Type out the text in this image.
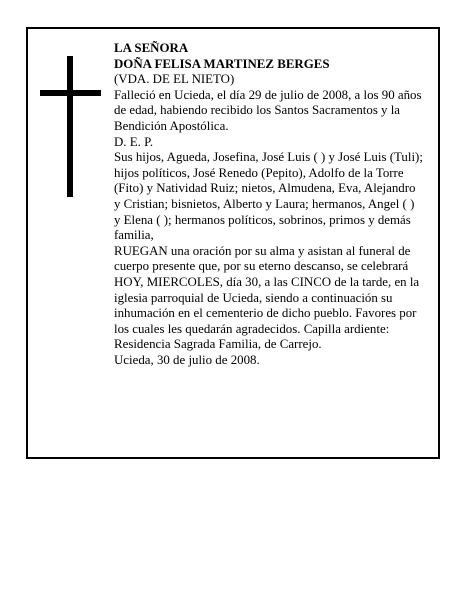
LA SEÑORA

DOÑA FELISA MARTINEZ BERGES

(VDA. DE EL NIETO)

Falleció en Ucieda, el día 29 de julio de 2008, a los 90 años de edad, habiendo recibido los Santos Sacramentos y la Bendición Apostólica.

D. E. P.

Sus hijos, Agueda, Josefina, José Luis ( ) y José Luis (Tuli); hijos políticos, José Renedo (Pepito), Adolfo de la Torre (Fito) y Natividad Ruiz; nietos, Almudena, Eva, Alejandro y Cristian; bisnietos, Alberto y Laura; hermanos, Angel ( ) y Elena ( ); hermanos políticos, sobrinos, primos y demás familia,

RUEGAN una oración por su alma y asistan al funeral de cuerpo presente que, por su eterno descanso, se celebrará HOY, MIERCOLES, día 30, a las CINCO de la tarde, en la iglesia parroquial de Ucieda, siendo a continuación su inhumación en el cementerio de dicho pueblo. Favores por los cuales les quedarán agradecidos. Capilla ardiente: Residencia Sagrada Familia, de Carrejo.

Ucieda, 30 de julio de 2008.
